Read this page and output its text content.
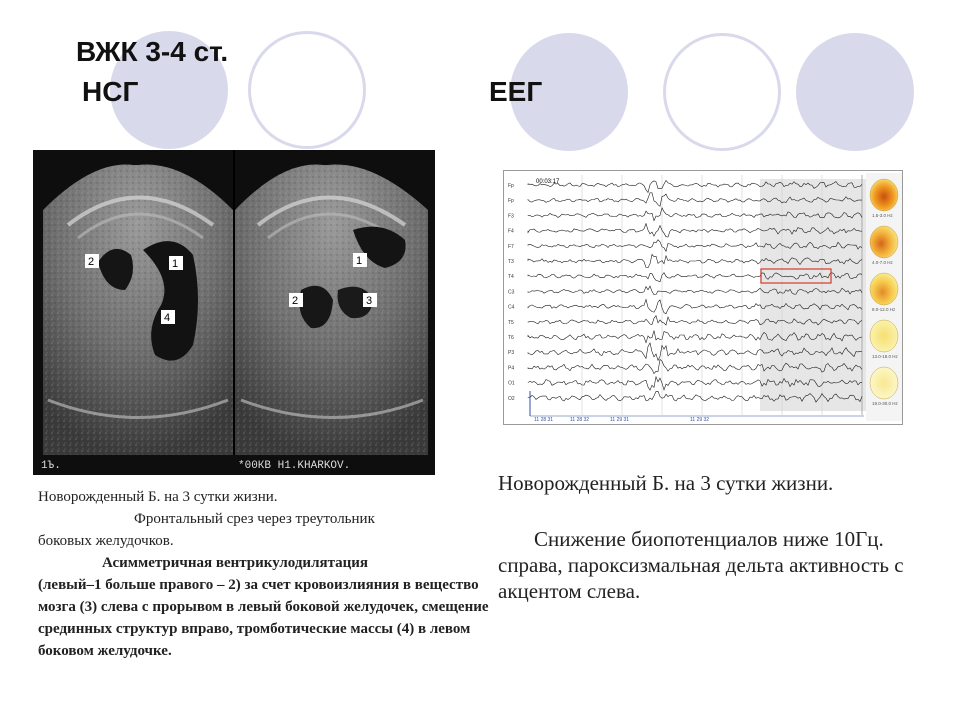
ВЖК 3-4 ст.
НСГ	ЕЕГ
2	1
4
1
2	3
1Ъ.	*00КВ Н1.KHARKOV.
00:03:17
Fp
Fp
F3
F4
F7
T3
T4
C3
C4
T5
T6
P3
P4
O1
O2
11 28 31	11 28 32	11 29 31	11 29 32
1.5-3.0 Hz
4.0-7.0 Hz
8.0-12.0 Hz
13.0-18.0 Hz
19.0-30.0 Hz
Новорожденный Б. на 3 сутки жизни.
Фронтальный срез через треутольник
боковых желудочков.
Асимметричная вентрикулодилятация
(левый–1 больше правого – 2) за счет кровоизлияния в вещество мозга (3) слева с прорывом в левый боковой желудочек, смещение срединных структур вправо, тромботические массы (4) в левом боковом желудочке.
Новорожденный Б. на 3 сутки жизни.
Снижение биопотенциалов ниже 10Гц. справа, пароксизмальная дельта активность с акцентом слева.
